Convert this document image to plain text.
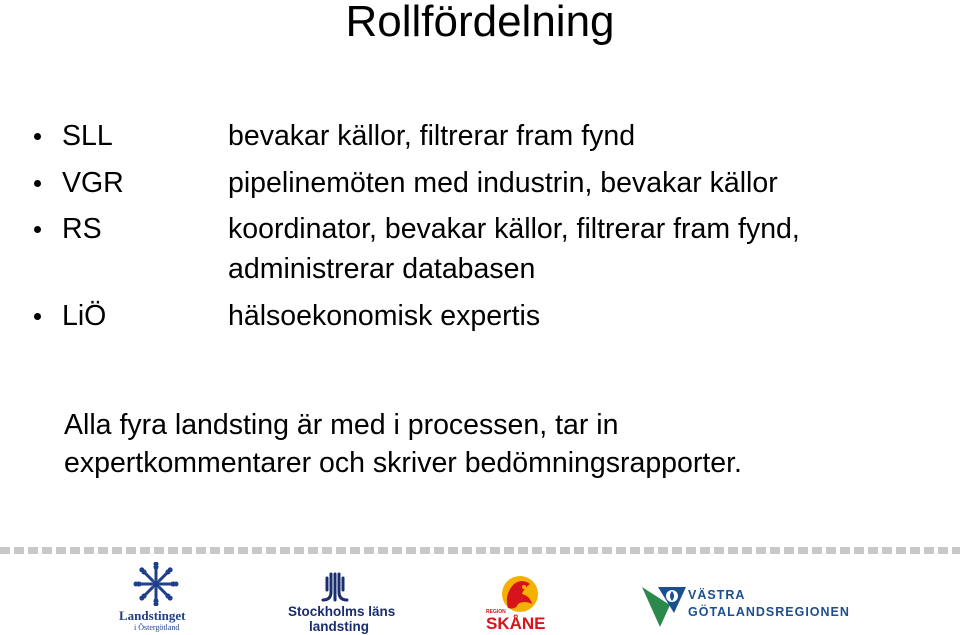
Rollfördelning
SLL	bevakar källor, filtrerar fram fynd
VGR	pipelinemöten med industrin, bevakar källor
RS	koordinator, bevakar källor, filtrerar fram fynd,
administrerar databasen
LiÖ	hälsoekonomisk expertis
Alla fyra landsting är med i processen, tar in
expertkommentarer och skriver bedömningsrapporter.
Landstinget
i Östergötland
Stockholms läns
landsting
REGION
SKÅNE
VÄSTRA
GÖTALANDSREGIONEN
